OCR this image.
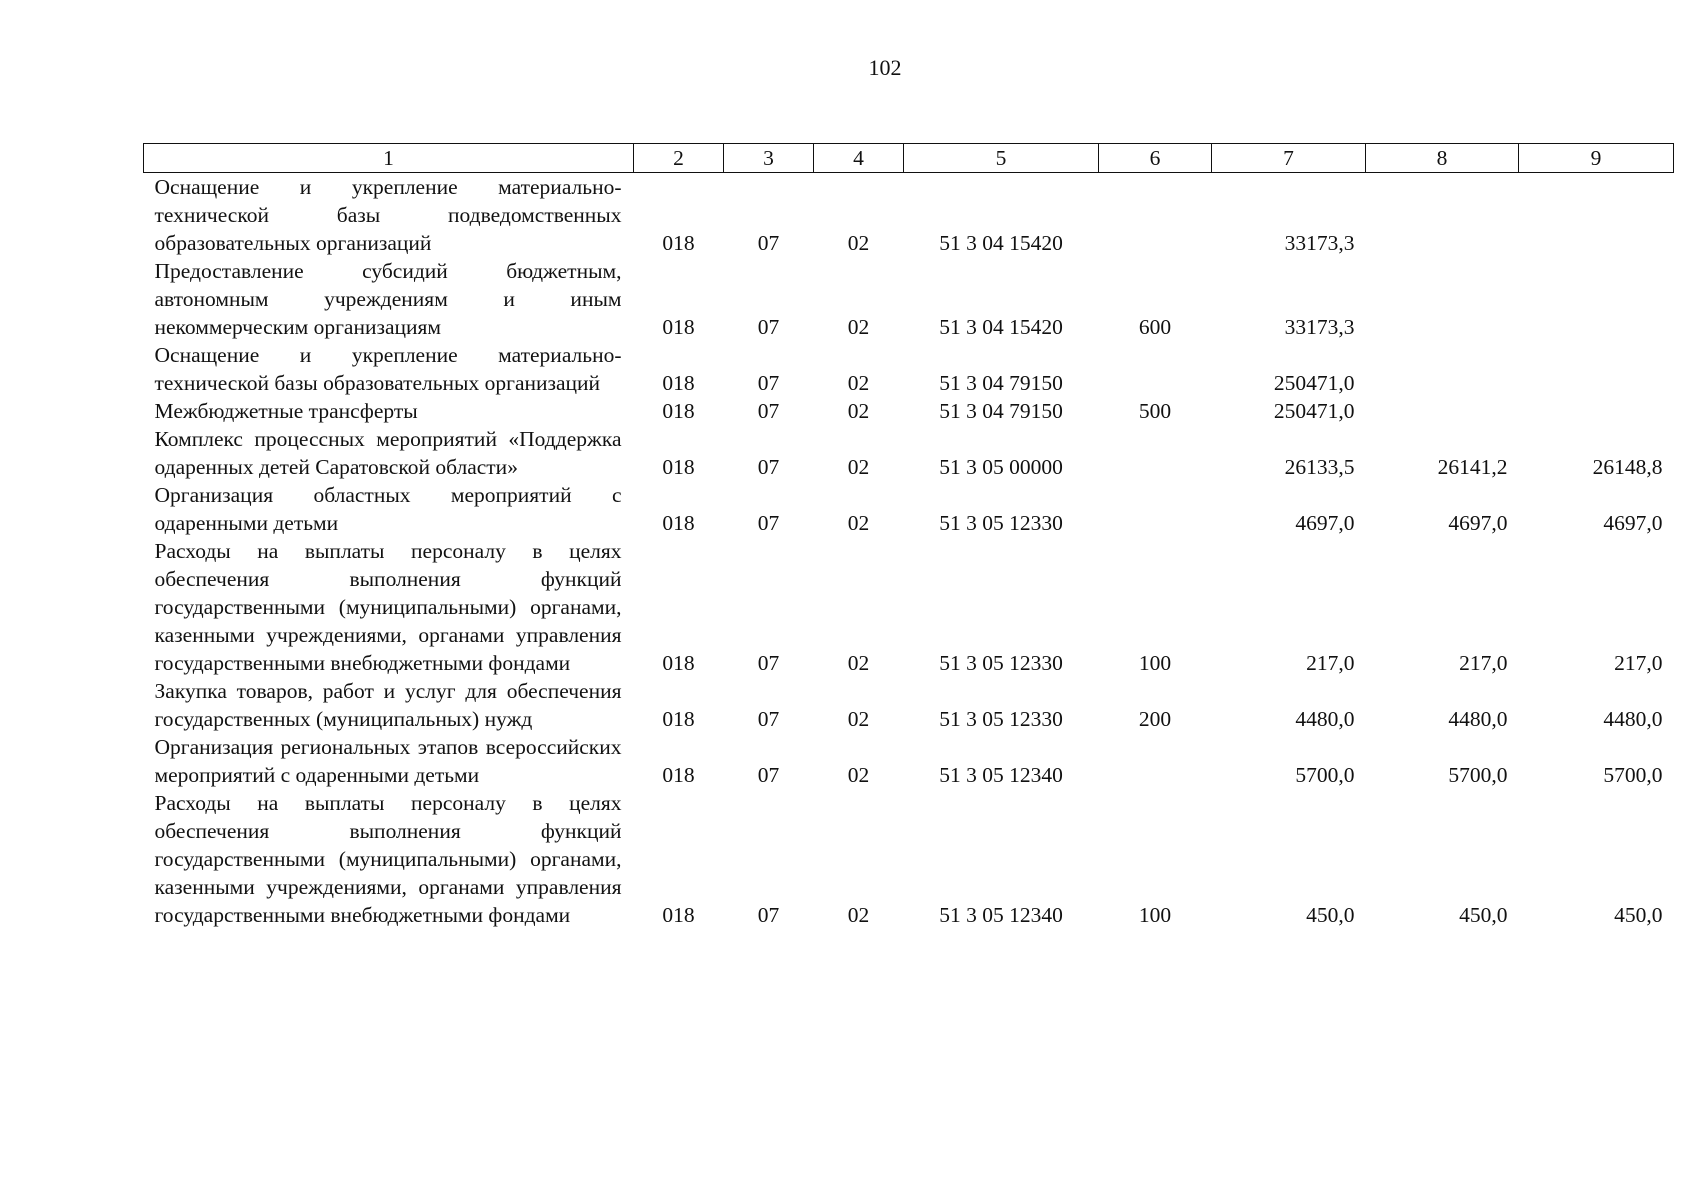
102
1	2	3	4	5	6	7	8	9
Оснащение и укрепление материально-технической базы подведомственных образовательных организаций	018	07	02	51 3 04 15420		33173,3		
Предоставление субсидий бюджетным, автономным учреждениям и иным некоммерческим организациям	018	07	02	51 3 04 15420	600	33173,3		
Оснащение и укрепление материально-технической базы образовательных организаций	018	07	02	51 3 04 79150		250471,0		
Межбюджетные трансферты	018	07	02	51 3 04 79150	500	250471,0		
Комплекс процессных мероприятий «Поддержка одаренных детей Саратовской области»	018	07	02	51 3 05 00000		26133,5	26141,2	26148,8
Организация областных мероприятий с одаренными детьми	018	07	02	51 3 05 12330		4697,0	4697,0	4697,0
Расходы на выплаты персоналу в целях обеспечения выполнения функций государственными (муниципальными) органами, казенными учреждениями, органами управления государственными внебюджетными фондами	018	07	02	51 3 05 12330	100	217,0	217,0	217,0
Закупка товаров, работ и услуг для обеспечения государственных (муниципальных) нужд	018	07	02	51 3 05 12330	200	4480,0	4480,0	4480,0
Организация региональных этапов всероссийских мероприятий с одаренными детьми	018	07	02	51 3 05 12340		5700,0	5700,0	5700,0
Расходы на выплаты персоналу в целях обеспечения выполнения функций государственными (муниципальными) органами, казенными учреждениями, органами управления государственными внебюджетными фондами	018	07	02	51 3 05 12340	100	450,0	450,0	450,0
